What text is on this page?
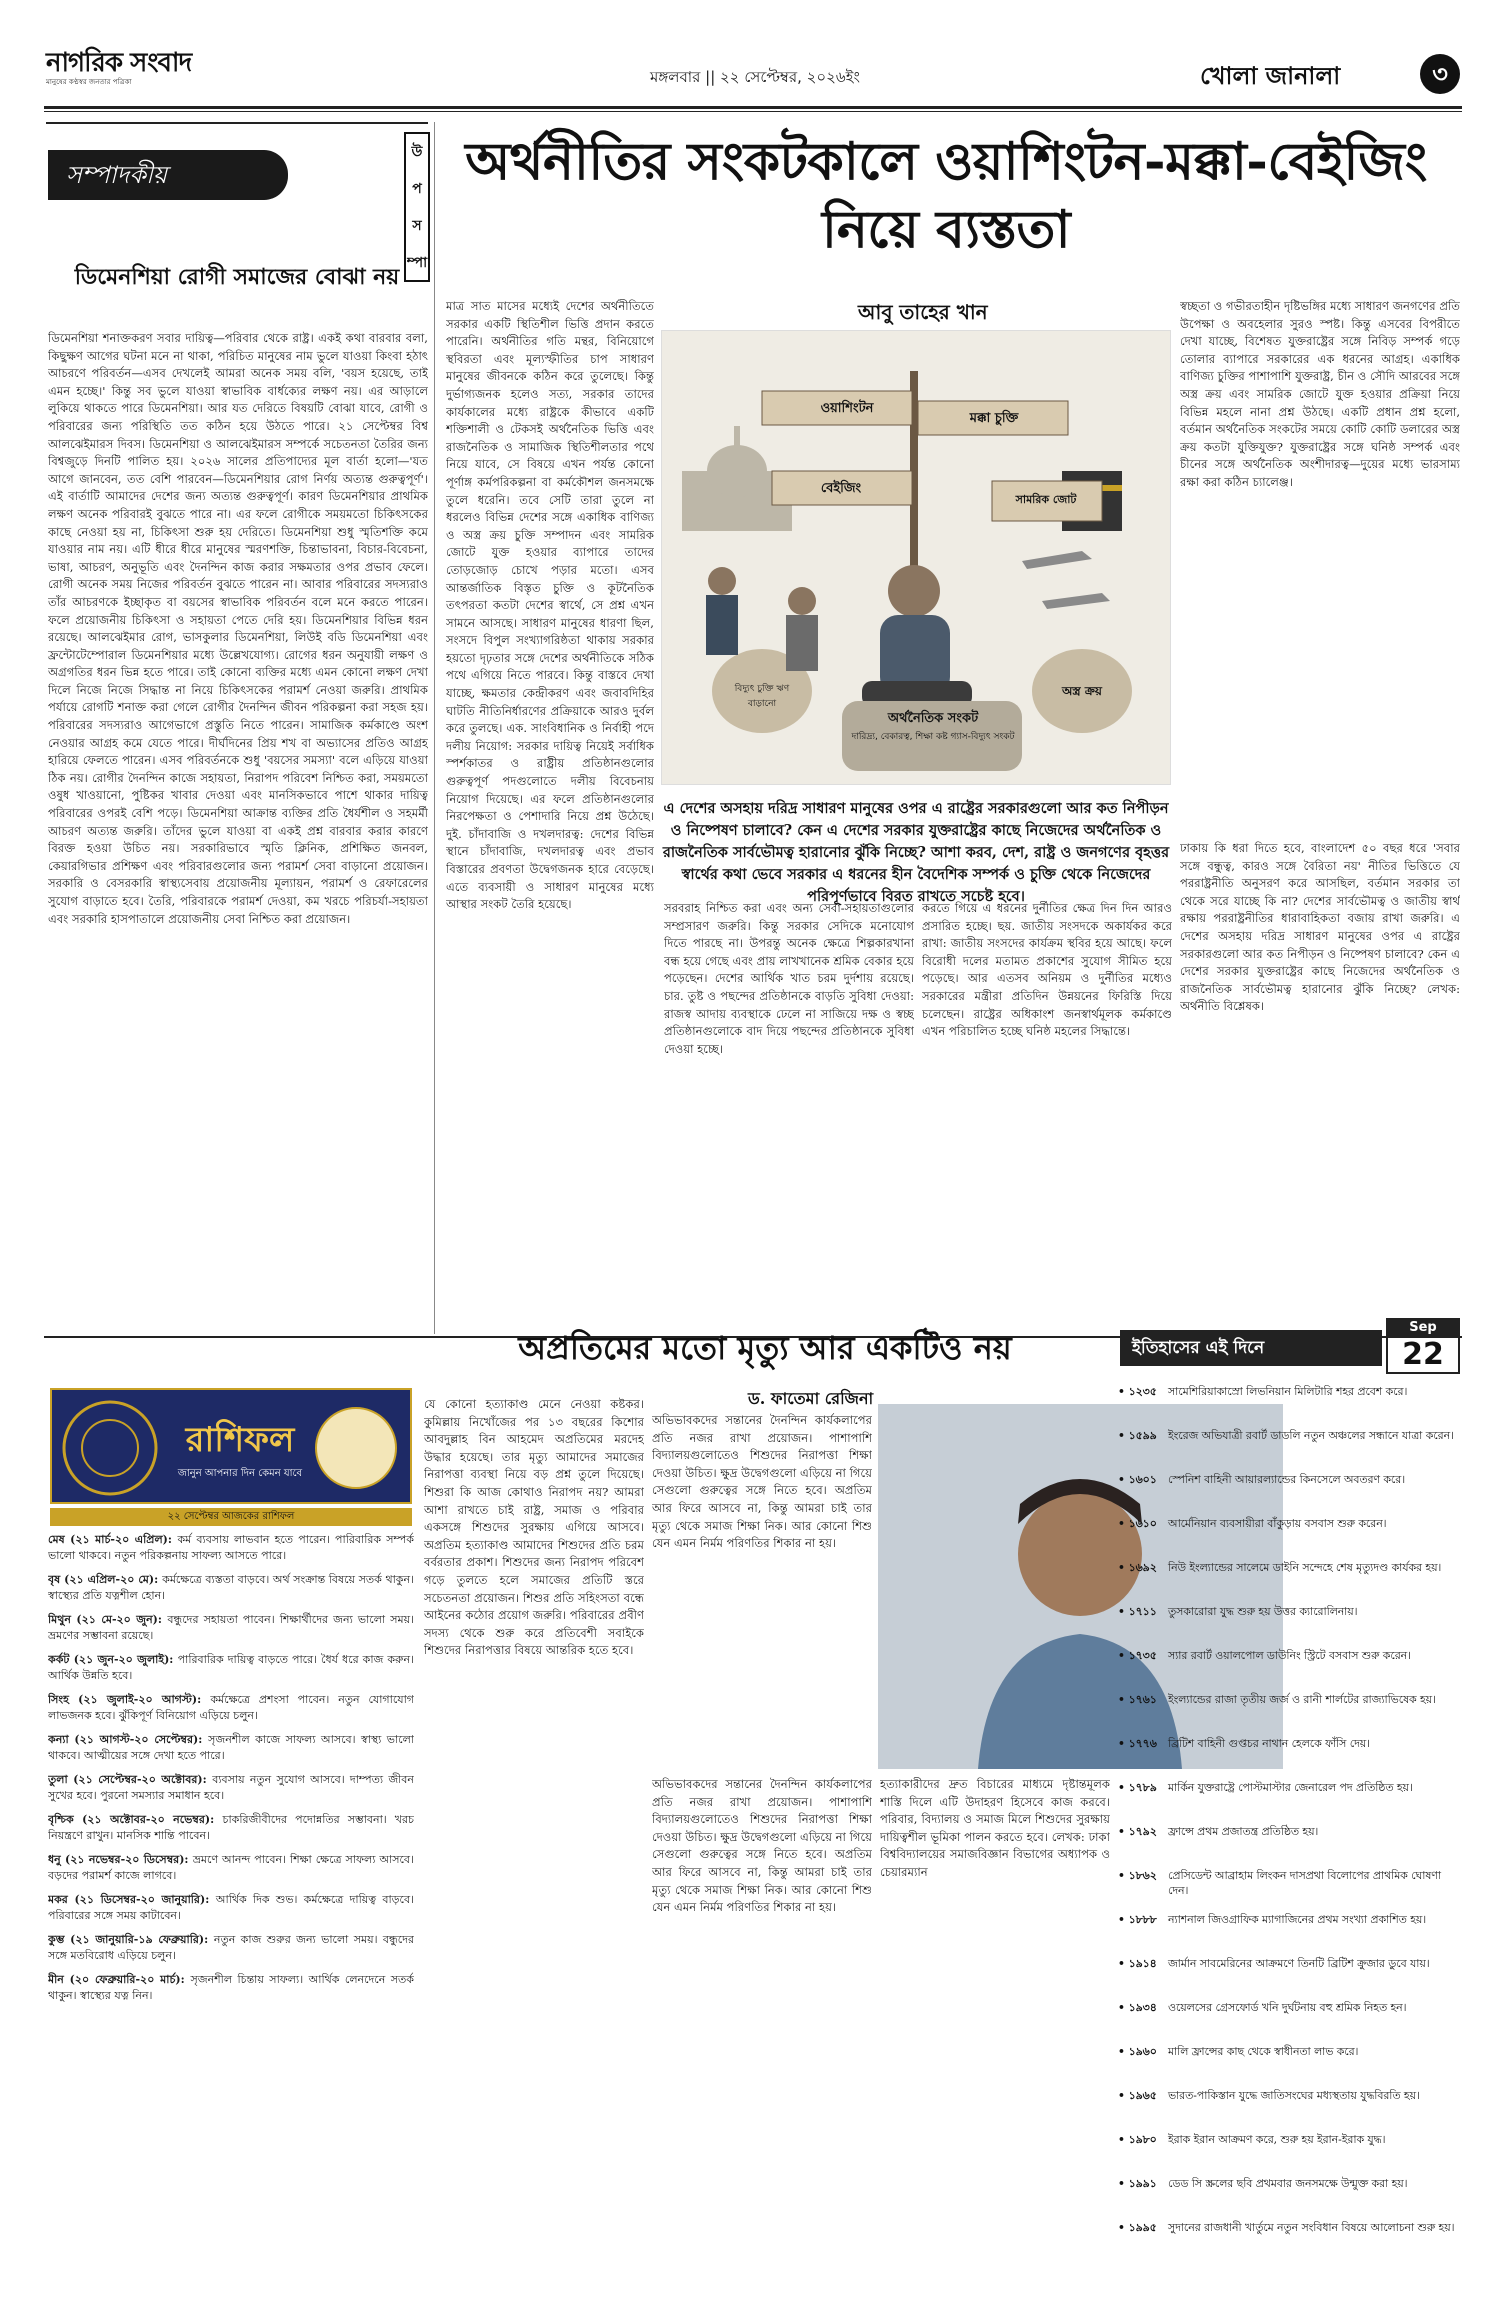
নাগরিক সংবাদ
মানুষের কণ্ঠস্বর জনতার পত্রিকা	মঙ্গলবার || ২২ সেপ্টেম্বর, ২০২৬ইং	খোলা জানালা	৩
সম্পাদকীয়
ডিমেনশিয়া রোগী সমাজের বোঝা নয়
ডিমেনশিয়া শনাক্তকরণ সবার দায়িত্ব—পরিবার থেকে রাষ্ট্র। একই কথা বারবার বলা, কিছুক্ষণ আগের ঘটনা মনে না থাকা, পরিচিত মানুষের নাম ভুলে যাওয়া কিংবা হঠাৎ আচরণে পরিবর্তন—এসব দেখলেই আমরা অনেক সময় বলি, 'বয়স হয়েছে, তাই এমন হচ্ছে।' কিন্তু সব ভুলে যাওয়া স্বাভাবিক বার্ধক্যের লক্ষণ নয়। এর আড়ালে লুকিয়ে থাকতে পারে ডিমেনশিয়া। আর যত দেরিতে বিষয়টি বোঝা যাবে, রোগী ও পরিবারের জন্য পরিস্থিতি তত কঠিন হয়ে উঠতে পারে। ২১ সেপ্টেম্বর বিশ্ব আলঝেইমারস দিবস। ডিমেনশিয়া ও আলঝেইমারস সম্পর্কে সচেতনতা তৈরির জন্য বিশ্বজুড়ে দিনটি পালিত হয়। ২০২৬ সালের প্রতিপাদ্যের মূল বার্তা হলো—'যত আগে জানবেন, তত বেশি পারবেন—ডিমেনশিয়ার রোগ নির্ণয় অত্যন্ত গুরুত্বপূর্ণ'। এই বার্তাটি আমাদের দেশের জন্য অত্যন্ত গুরুত্বপূর্ণ। কারণ ডিমেনশিয়ার প্রাথমিক লক্ষণ অনেক পরিবারই বুঝতে পারে না। এর ফলে রোগীকে সময়মতো চিকিৎসকের কাছে নেওয়া হয় না, চিকিৎসা শুরু হয় দেরিতে। ডিমেনশিয়া শুধু স্মৃতিশক্তি কমে যাওয়ার নাম নয়। এটি ধীরে ধীরে মানুষের স্মরণশক্তি, চিন্তাভাবনা, বিচার-বিবেচনা, ভাষা, আচরণ, অনুভূতি এবং দৈনন্দিন কাজ করার সক্ষমতার ওপর প্রভাব ফেলে। রোগী অনেক সময় নিজের পরিবর্তন বুঝতে পারেন না। আবার পরিবারের সদস্যরাও তাঁর আচরণকে ইচ্ছাকৃত বা বয়সের স্বাভাবিক পরিবর্তন বলে মনে করতে পারেন। ফলে প্রয়োজনীয় চিকিৎসা ও সহায়তা পেতে দেরি হয়। ডিমেনশিয়ার বিভিন্ন ধরন রয়েছে। আলঝেইমার রোগ, ভাসকুলার ডিমেনশিয়া, লিউই বডি ডিমেনশিয়া এবং ফ্রন্টোটেম্পোরাল ডিমেনশিয়ার মধ্যে উল্লেখযোগ্য। রোগের ধরন অনুযায়ী লক্ষণ ও অগ্রগতির ধরন ভিন্ন হতে পারে। তাই কোনো ব্যক্তির মধ্যে এমন কোনো লক্ষণ দেখা দিলে নিজে নিজে সিদ্ধান্ত না নিয়ে চিকিৎসকের পরামর্শ নেওয়া জরুরি। প্রাথমিক পর্যায়ে রোগটি শনাক্ত করা গেলে রোগীর দৈনন্দিন জীবন পরিকল্পনা করা সহজ হয়। পরিবারের সদস্যরাও আগেভাগে প্রস্তুতি নিতে পারেন। সামাজিক কর্মকাণ্ডে অংশ নেওয়ার আগ্রহ কমে যেতে পারে। দীর্ঘদিনের প্রিয় শখ বা অভ্যাসের প্রতিও আগ্রহ হারিয়ে ফেলতে পারেন। এসব পরিবর্তনকে শুধু 'বয়সের সমস্যা' বলে এড়িয়ে যাওয়া ঠিক নয়। রোগীর দৈনন্দিন কাজে সহায়তা, নিরাপদ পরিবেশ নিশ্চিত করা, সময়মতো ওষুধ খাওয়ানো, পুষ্টিকর খাবার দেওয়া এবং মানসিকভাবে পাশে থাকার দায়িত্ব পরিবারের ওপরই বেশি পড়ে। ডিমেনশিয়া আক্রান্ত ব্যক্তির প্রতি ধৈর্যশীল ও সহমর্মী আচরণ অত্যন্ত জরুরি। তাঁদের ভুলে যাওয়া বা একই প্রশ্ন বারবার করার কারণে বিরক্ত হওয়া উচিত নয়। সরকারিভাবে স্মৃতি ক্লিনিক, প্রশিক্ষিত জনবল, কেয়ারগিভার প্রশিক্ষণ এবং পরিবারগুলোর জন্য পরামর্শ সেবা বাড়ানো প্রয়োজন। সরকারি ও বেসরকারি স্বাস্থ্যসেবায় প্রয়োজনীয় মূল্যায়ন, পরামর্শ ও রেফারেলের সুযোগ বাড়াতে হবে। তৈরি, পরিবারকে পরামর্শ দেওয়া, কম খরচে পরিচর্যা-সহায়তা এবং সরকারি হাসপাতালে প্রয়োজনীয় সেবা নিশ্চিত করা প্রয়োজন।
উ
প
স
ম্পা
অর্থনীতির সংকটকালে ওয়াশিংটন-মক্কা-বেইজিং নিয়ে ব্যস্ততা
আবু তাহের খান
মাত্র সাত মাসের মধ্যেই দেশের অর্থনীতিতে সরকার একটি স্থিতিশীল ভিত্তি প্রদান করতে পারেনি। অর্থনীতির গতি মন্থর, বিনিয়োগে স্থবিরতা এবং মূল্যস্ফীতির চাপ সাধারণ মানুষের জীবনকে কঠিন করে তুলেছে। কিন্তু দুর্ভাগ্যজনক হলেও সত্য, সরকার তাদের কার্যকালের মধ্যে রাষ্ট্রকে কীভাবে একটি শক্তিশালী ও টেকসই অর্থনৈতিক ভিত্তি এবং রাজনৈতিক ও সামাজিক স্থিতিশীলতার পথে নিয়ে যাবে, সে বিষয়ে এখন পর্যন্ত কোনো পূর্ণাঙ্গ কর্মপরিকল্পনা বা কর্মকৌশল জনসমক্ষে তুলে ধরেনি। তবে সেটি তারা তুলে না ধরলেও বিভিন্ন দেশের সঙ্গে একাধিক বাণিজ্য ও অস্ত্র ক্রয় চুক্তি সম্পাদন এবং সামরিক জোটে যুক্ত হওয়ার ব্যাপারে তাদের তোড়জোড় চোখে পড়ার মতো। এসব আন্তর্জাতিক বিস্তৃত চুক্তি ও কূটনৈতিক তৎপরতা কতটা দেশের স্বার্থে, সে প্রশ্ন এখন সামনে আসছে। সাধারণ মানুষের ধারণা ছিল, সংসদে বিপুল সংখ্যাগরিষ্ঠতা থাকায় সরকার হয়তো দৃঢ়তার সঙ্গে দেশের অর্থনীতিকে সঠিক পথে এগিয়ে নিতে পারবে। কিন্তু বাস্তবে দেখা যাচ্ছে, ক্ষমতার কেন্দ্রীকরণ এবং জবাবদিহির ঘাটতি নীতিনির্ধারণের প্রক্রিয়াকে আরও দুর্বল করে তুলছে। এক. সাংবিধানিক ও নির্বাহী পদে দলীয় নিয়োগ: সরকার দায়িত্ব নিয়েই সর্বাধিক স্পর্শকাতর ও রাষ্ট্রীয় প্রতিষ্ঠানগুলোর গুরুত্বপূর্ণ পদগুলোতে দলীয় বিবেচনায় নিয়োগ দিয়েছে। এর ফলে প্রতিষ্ঠানগুলোর নিরপেক্ষতা ও পেশাদারি নিয়ে প্রশ্ন উঠেছে। দুই. চাঁদাবাজি ও দখলদারত্ব: দেশের বিভিন্ন স্থানে চাঁদাবাজি, দখলদারত্ব এবং প্রভাব বিস্তারের প্রবণতা উদ্বেগজনক হারে বেড়েছে। এতে ব্যবসায়ী ও সাধারণ মানুষের মধ্যে আস্থার সংকট তৈরি হয়েছে।
ওয়াশিংটন
মক্কা চুক্তি
বেইজিং
সামরিক জোট
অর্থনৈতিক সংকট
দারিদ্র্য, বেকারত্ব, শিক্ষা কষ্ট গ্যাস-বিদ্যুৎ সংকট
বিদ্যুৎ চুক্তি ঋণ বাড়ানো
অস্ত্র ক্রয়
স্বচ্ছতা ও গভীরতাহীন দৃষ্টিভঙ্গির মধ্যে সাধারণ জনগণের প্রতি উপেক্ষা ও অবহেলার সুরও স্পষ্ট। কিন্তু এসবের বিপরীতে দেখা যাচ্ছে, বিশেষত যুক্তরাষ্ট্রের সঙ্গে নিবিড় সম্পর্ক গড়ে তোলার ব্যাপারে সরকারের এক ধরনের আগ্রহ। একাধিক বাণিজ্য চুক্তির পাশাপাশি যুক্তরাষ্ট্র, চীন ও সৌদি আরবের সঙ্গে অস্ত্র ক্রয় এবং সামরিক জোটে যুক্ত হওয়ার প্রক্রিয়া নিয়ে বিভিন্ন মহলে নানা প্রশ্ন উঠছে। একটি প্রধান প্রশ্ন হলো, বর্তমান অর্থনৈতিক সংকটের সময়ে কোটি কোটি ডলারের অস্ত্র ক্রয় কতটা যুক্তিযুক্ত? যুক্তরাষ্ট্রের সঙ্গে ঘনিষ্ঠ সম্পর্ক এবং চীনের সঙ্গে অর্থনৈতিক অংশীদারত্ব—দুয়ের মধ্যে ভারসাম্য রক্ষা করা কঠিন চ্যালেঞ্জ।
ঢাকায় কি ধরা দিতে হবে, বাংলাদেশ ৫০ বছর ধরে 'সবার সঙ্গে বন্ধুত্ব, কারও সঙ্গে বৈরিতা নয়' নীতির ভিত্তিতে যে পররাষ্ট্রনীতি অনুসরণ করে আসছিল, বর্তমান সরকার তা থেকে সরে যাচ্ছে কি না? দেশের সার্বভৌমত্ব ও জাতীয় স্বার্থ রক্ষায় পররাষ্ট্রনীতির ধারাবাহিকতা বজায় রাখা জরুরি। এ দেশের অসহায় দরিদ্র সাধারণ মানুষের ওপর এ রাষ্ট্রের সরকারগুলো আর কত নিপীড়ন ও নিষ্পেষণ চালাবে? কেন এ দেশের সরকার যুক্তরাষ্ট্রের কাছে নিজেদের অর্থনৈতিক ও রাজনৈতিক সার্বভৌমত্ব হারানোর ঝুঁকি নিচ্ছে? লেখক: অর্থনীতি বিশ্লেষক।
এ দেশের অসহায় দরিদ্র সাধারণ মানুষের ওপর এ রাষ্ট্রের সরকারগুলো আর কত নিপীড়ন ও নিষ্পেষণ চালাবে? কেন এ দেশের সরকার যুক্তরাষ্ট্রের কাছে নিজেদের অর্থনৈতিক ও রাজনৈতিক সার্বভৌমত্ব হারানোর ঝুঁকি নিচ্ছে? আশা করব, দেশ, রাষ্ট্র ও জনগণের বৃহত্তর স্বার্থের কথা ভেবে সরকার এ ধরনের হীন বৈদেশিক সম্পর্ক ও চুক্তি থেকে নিজেদের পরিপূর্ণভাবে বিরত রাখতে সচেষ্ট হবে।
সরবরাহ নিশ্চিত করা এবং অন্য সেবা-সহায়তাগুলোর সম্প্রসারণ জরুরি। কিন্তু সরকার সেদিকে মনোযোগ দিতে পারছে না। উপরন্তু অনেক ক্ষেত্রে শিল্পকারখানা বন্ধ হয়ে গেছে এবং প্রায় লাখখানেক শ্রমিক বেকার হয়ে পড়েছেন। দেশের আর্থিক খাত চরম দুর্দশায় রয়েছে। চার. তুষ্ট ও পছন্দের প্রতিষ্ঠানকে বাড়তি সুবিধা দেওয়া: রাজস্ব আদায় ব্যবস্থাকে ঢেলে না সাজিয়ে দক্ষ ও স্বচ্ছ প্রতিষ্ঠানগুলোকে বাদ দিয়ে পছন্দের প্রতিষ্ঠানকে সুবিধা দেওয়া হচ্ছে।
করতে গিয়ে এ ধরনের দুর্নীতির ক্ষেত্র দিন দিন আরও প্রসারিত হচ্ছে। ছয়. জাতীয় সংসদকে অকার্যকর করে রাখা: জাতীয় সংসদের কার্যক্রম স্থবির হয়ে আছে। ফলে বিরোধী দলের মতামত প্রকাশের সুযোগ সীমিত হয়ে পড়েছে। আর এতসব অনিয়ম ও দুর্নীতির মধ্যেও সরকারের মন্ত্রীরা প্রতিদিন উন্নয়নের ফিরিস্তি দিয়ে চলেছেন। রাষ্ট্রের অধিকাংশ জনস্বার্থমূলক কর্মকাণ্ডে এখন পরিচালিত হচ্ছে ঘনিষ্ঠ মহলের সিদ্ধান্তে।
রাশিফল
জানুন আপনার দিন কেমন যাবে
২২ সেপ্টেম্বর আজকের রাশিফল
মেষ (২১ মার্চ-২০ এপ্রিল): কর্ম ব্যবসায় লাভবান হতে পারেন। পারিবারিক সম্পর্ক ভালো থাকবে। নতুন পরিকল্পনায় সাফল্য আসতে পারে।
বৃষ (২১ এপ্রিল-২০ মে): কর্মক্ষেত্রে ব্যস্ততা বাড়বে। অর্থ সংক্রান্ত বিষয়ে সতর্ক থাকুন। স্বাস্থ্যের প্রতি যত্নশীল হোন।
মিথুন (২১ মে-২০ জুন): বন্ধুদের সহায়তা পাবেন। শিক্ষার্থীদের জন্য ভালো সময়। ভ্রমণের সম্ভাবনা রয়েছে।
কর্কট (২১ জুন-২০ জুলাই): পারিবারিক দায়িত্ব বাড়তে পারে। ধৈর্য ধরে কাজ করুন। আর্থিক উন্নতি হবে।
সিংহ (২১ জুলাই-২০ আগস্ট): কর্মক্ষেত্রে প্রশংসা পাবেন। নতুন যোগাযোগ লাভজনক হবে। ঝুঁকিপূর্ণ বিনিয়োগ এড়িয়ে চলুন।
কন্যা (২১ আগস্ট-২০ সেপ্টেম্বর): সৃজনশীল কাজে সাফল্য আসবে। স্বাস্থ্য ভালো থাকবে। আত্মীয়ের সঙ্গে দেখা হতে পারে।
তুলা (২১ সেপ্টেম্বর-২০ অক্টোবর): ব্যবসায় নতুন সুযোগ আসবে। দাম্পত্য জীবন সুখের হবে। পুরনো সমস্যার সমাধান হবে।
বৃশ্চিক (২১ অক্টোবর-২০ নভেম্বর): চাকরিজীবীদের পদোন্নতির সম্ভাবনা। খরচ নিয়ন্ত্রণে রাখুন। মানসিক শান্তি পাবেন।
ধনু (২১ নভেম্বর-২০ ডিসেম্বর): ভ্রমণে আনন্দ পাবেন। শিক্ষা ক্ষেত্রে সাফল্য আসবে। বড়দের পরামর্শ কাজে লাগবে।
মকর (২১ ডিসেম্বর-২০ জানুয়ারি): আর্থিক দিক শুভ। কর্মক্ষেত্রে দায়িত্ব বাড়বে। পরিবারের সঙ্গে সময় কাটাবেন।
কুম্ভ (২১ জানুয়ারি-১৯ ফেব্রুয়ারি): নতুন কাজ শুরুর জন্য ভালো সময়। বন্ধুদের সঙ্গে মতবিরোধ এড়িয়ে চলুন।
মীন (২০ ফেব্রুয়ারি-২০ মার্চ): সৃজনশীল চিন্তায় সাফল্য। আর্থিক লেনদেনে সতর্ক থাকুন। স্বাস্থ্যের যত্ন নিন।
অপ্রতিমের মতো মৃত্যু আর একটিও নয়
ড. ফাতেমা রেজিনা
যে কোনো হত্যাকাণ্ড মেনে নেওয়া কষ্টকর। কুমিল্লায় নিখোঁজের পর ১৩ বছরের কিশোর আবদুল্লাহ বিন আহমেদ অপ্রতিমের মরদেহ উদ্ধার হয়েছে। তার মৃত্যু আমাদের সমাজের নিরাপত্তা ব্যবস্থা নিয়ে বড় প্রশ্ন তুলে দিয়েছে। শিশুরা কি আজ কোথাও নিরাপদ নয়? আমরা আশা রাখতে চাই রাষ্ট্র, সমাজ ও পরিবার একসঙ্গে শিশুদের সুরক্ষায় এগিয়ে আসবে। অপ্রতিম হত্যাকাণ্ড আমাদের শিশুদের প্রতি চরম বর্বরতার প্রকাশ। শিশুদের জন্য নিরাপদ পরিবেশ গড়ে তুলতে হলে সমাজের প্রতিটি স্তরে সচেতনতা প্রয়োজন। শিশুর প্রতি সহিংসতা বন্ধে আইনের কঠোর প্রয়োগ জরুরি। পরিবারের প্রবীণ সদস্য থেকে শুরু করে প্রতিবেশী সবাইকে শিশুদের নিরাপত্তার বিষয়ে আন্তরিক হতে হবে।
অভিভাবকদের সন্তানের দৈনন্দিন কার্যকলাপের প্রতি নজর রাখা প্রয়োজন। পাশাপাশি বিদ্যালয়গুলোতেও শিশুদের নিরাপত্তা শিক্ষা দেওয়া উচিত। ক্ষুদ্র উদ্বেগগুলো এড়িয়ে না গিয়ে সেগুলো গুরুত্বের সঙ্গে নিতে হবে। অপ্রতিম আর ফিরে আসবে না, কিন্তু আমরা চাই তার মৃত্যু থেকে সমাজ শিক্ষা নিক। আর কোনো শিশু যেন এমন নির্মম পরিণতির শিকার না হয়।
অভিভাবকদের সন্তানের দৈনন্দিন কার্যকলাপের প্রতি নজর রাখা প্রয়োজন। পাশাপাশি বিদ্যালয়গুলোতেও শিশুদের নিরাপত্তা শিক্ষা দেওয়া উচিত। ক্ষুদ্র উদ্বেগগুলো এড়িয়ে না গিয়ে সেগুলো গুরুত্বের সঙ্গে নিতে হবে। অপ্রতিম আর ফিরে আসবে না, কিন্তু আমরা চাই তার মৃত্যু থেকে সমাজ শিক্ষা নিক। আর কোনো শিশু যেন এমন নির্মম পরিণতির শিকার না হয়।
হত্যাকারীদের দ্রুত বিচারের মাধ্যমে দৃষ্টান্তমূলক শাস্তি দিলে এটি উদাহরণ হিসেবে কাজ করবে। পরিবার, বিদ্যালয় ও সমাজ মিলে শিশুদের সুরক্ষায় দায়িত্বশীল ভূমিকা পালন করতে হবে। লেখক: ঢাকা বিশ্ববিদ্যালয়ের সমাজবিজ্ঞান বিভাগের অধ্যাপক ও চেয়ারম্যান
ইতিহাসের এই দিনে
Sep
22
• ১২৩৫	সামেশিরিয়াকাস্রো লিভনিয়ান মিলিটারি শহর প্রবেশ করে।
• ১৫৯৯	ইংরেজ অভিযাত্রী রবার্ট ডাডলি নতুন অঞ্চলের সন্ধানে যাত্রা করেন।
• ১৬০১	স্পেনিশ বাহিনী আয়ারল্যান্ডের কিনসেলে অবতরণ করে।
• ১৬১০	আর্মেনিয়ান ব্যবসায়ীরা বাঁকুড়ায় বসবাস শুরু করেন।
• ১৬৯২	নিউ ইংল্যান্ডের সালেমে ডাইনি সন্দেহে শেষ মৃত্যুদণ্ড কার্যকর হয়।
• ১৭১১	তুসকারোরা যুদ্ধ শুরু হয় উত্তর ক্যারোলিনায়।
• ১৭৩৫	স্যার রবার্ট ওয়ালপোল ডাউনিং স্ট্রিটে বসবাস শুরু করেন।
• ১৭৬১	ইংল্যান্ডের রাজা তৃতীয় জর্জ ও রানী শার্লটের রাজ্যাভিষেক হয়।
• ১৭৭৬	ব্রিটিশ বাহিনী গুপ্তচর নাথান হেলকে ফাঁসি দেয়।
• ১৭৮৯	মার্কিন যুক্তরাষ্ট্রে পোস্টমাস্টার জেনারেল পদ প্রতিষ্ঠিত হয়।
• ১৭৯২	ফ্রান্সে প্রথম প্রজাতন্ত্র প্রতিষ্ঠিত হয়।
• ১৮৬২	প্রেসিডেন্ট আব্রাহাম লিংকন দাসপ্রথা বিলোপের প্রাথমিক ঘোষণা দেন।
• ১৮৮৮	ন্যাশনাল জিওগ্রাফিক ম্যাগাজিনের প্রথম সংখ্যা প্রকাশিত হয়।
• ১৯১৪	জার্মান সাবমেরিনের আক্রমণে তিনটি ব্রিটিশ ক্রুজার ডুবে যায়।
• ১৯৩৪	ওয়েলসের গ্রেসফোর্ড খনি দুর্ঘটনায় বহু শ্রমিক নিহত হন।
• ১৯৬০	মালি ফ্রান্সের কাছ থেকে স্বাধীনতা লাভ করে।
• ১৯৬৫	ভারত-পাকিস্তান যুদ্ধে জাতিসংঘের মধ্যস্থতায় যুদ্ধবিরতি হয়।
• ১৯৮০	ইরাক ইরান আক্রমণ করে, শুরু হয় ইরান-ইরাক যুদ্ধ।
• ১৯৯১	ডেড সি স্ক্রলের ছবি প্রথমবার জনসমক্ষে উন্মুক্ত করা হয়।
• ১৯৯৫	সুদানের রাজধানী খার্তুমে নতুন সংবিধান বিষয়ে আলোচনা শুরু হয়।
